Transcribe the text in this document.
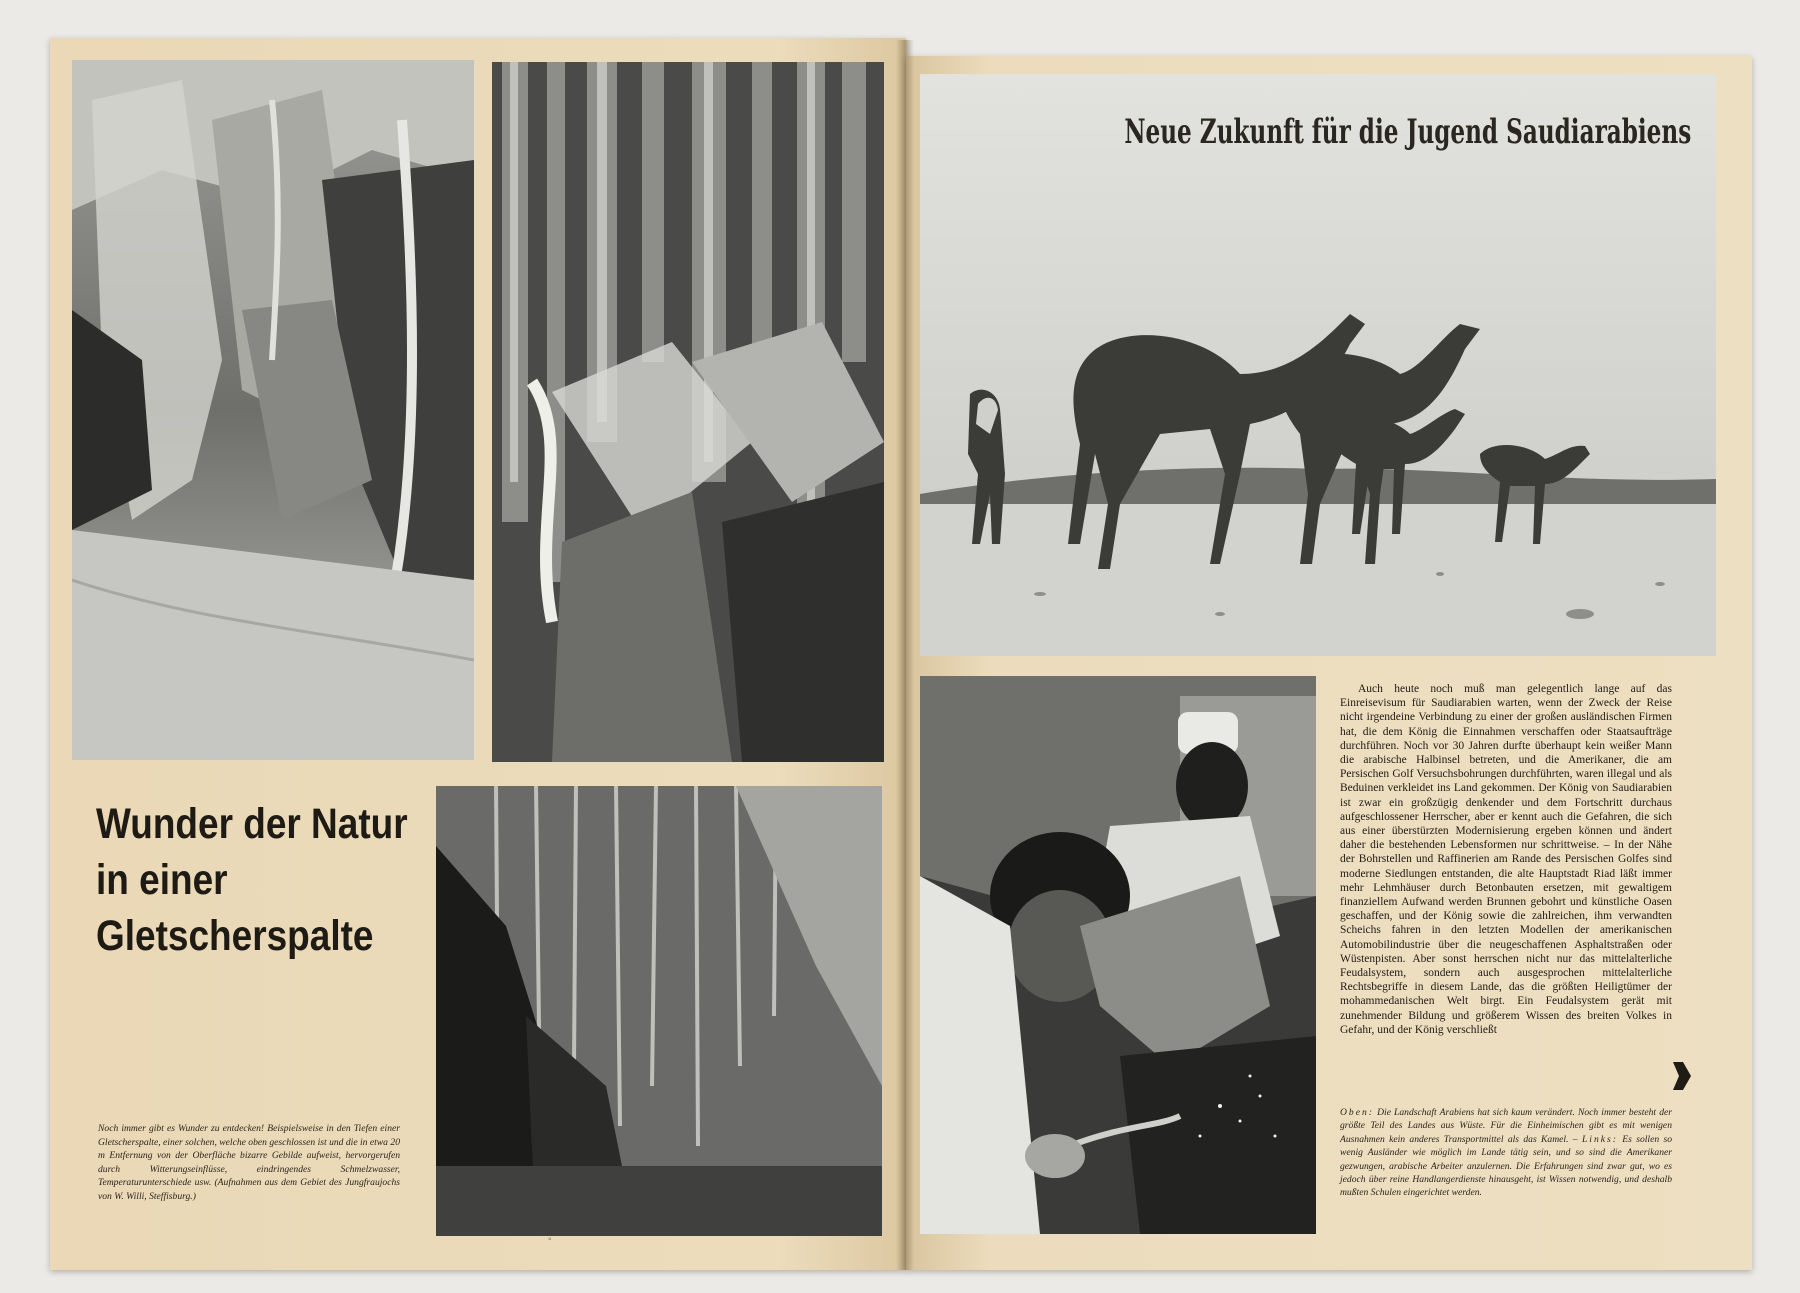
Wunder der Natur
in einer
Gletscherspalte
Noch immer gibt es Wunder zu entdecken! Beispielsweise in den Tiefen einer Gletscherspalte, einer solchen, welche oben geschlossen ist und die in etwa 20 m Entfernung von der Oberfläche bizarre Gebilde aufweist, hervorgerufen durch Witterungseinflüsse, eindringendes Schmelzwasser, Temperaturunterschiede usw. (Aufnahmen aus dem Gebiet des Jungfraujochs von W. Willi, Steffisburg.)
◦
Neue Zukunft für die Jugend Saudiarabiens
Auch heute noch muß man gelegentlich lange auf das Einreisevisum für Saudiarabien warten, wenn der Zweck der Reise nicht irgendeine Verbindung zu einer der großen ausländischen Firmen hat, die dem König die Einnahmen verschaffen oder Staatsaufträge durchführen. Noch vor 30 Jahren durfte überhaupt kein weißer Mann die arabische Halbinsel betreten, und die Amerikaner, die am Persischen Golf Versuchsbohrungen durchführten, waren illegal und als Beduinen verkleidet ins Land gekommen. Der König von Saudiarabien ist zwar ein großzügig denkender und dem Fortschritt durchaus aufgeschlossener Herrscher, aber er kennt auch die Gefahren, die sich aus einer überstürzten Modernisierung ergeben können und ändert daher die bestehenden Lebensformen nur schrittweise. – In der Nähe der Bohrstellen und Raffinerien am Rande des Persischen Golfes sind moderne Siedlungen entstanden, die alte Hauptstadt Riad läßt immer mehr Lehmhäuser durch Betonbauten ersetzen, mit gewaltigem finanziellem Aufwand werden Brunnen gebohrt und künstliche Oasen geschaffen, und der König sowie die zahlreichen, ihm verwandten Scheichs fahren in den letzten Modellen der amerikanischen Automobilindustrie über die neugeschaffenen Asphaltstraßen oder Wüstenpisten. Aber sonst herrschen nicht nur das mittelalterliche Feudalsystem, sondern auch ausgesprochen mittelalterliche Rechtsbegriffe in diesem Lande, das die größten Heiligtümer der mohammedanischen Welt birgt. Ein Feudalsystem gerät mit zunehmender Bildung und größerem Wissen des breiten Volkes in Gefahr, und der König verschließt
Oben: Die Landschaft Arabiens hat sich kaum verändert. Noch immer besteht der größte Teil des Landes aus Wüste. Für die Einheimischen gibt es mit wenigen Ausnahmen kein anderes Transportmittel als das Kamel. – Links: Es sollen so wenig Ausländer wie möglich im Lande tätig sein, und so sind die Amerikaner gezwungen, arabische Arbeiter anzulernen. Die Erfahrungen sind zwar gut, wo es jedoch über reine Handlangerdienste hinausgeht, ist Wissen notwendig, und deshalb mußten Schulen eingerichtet werden.
